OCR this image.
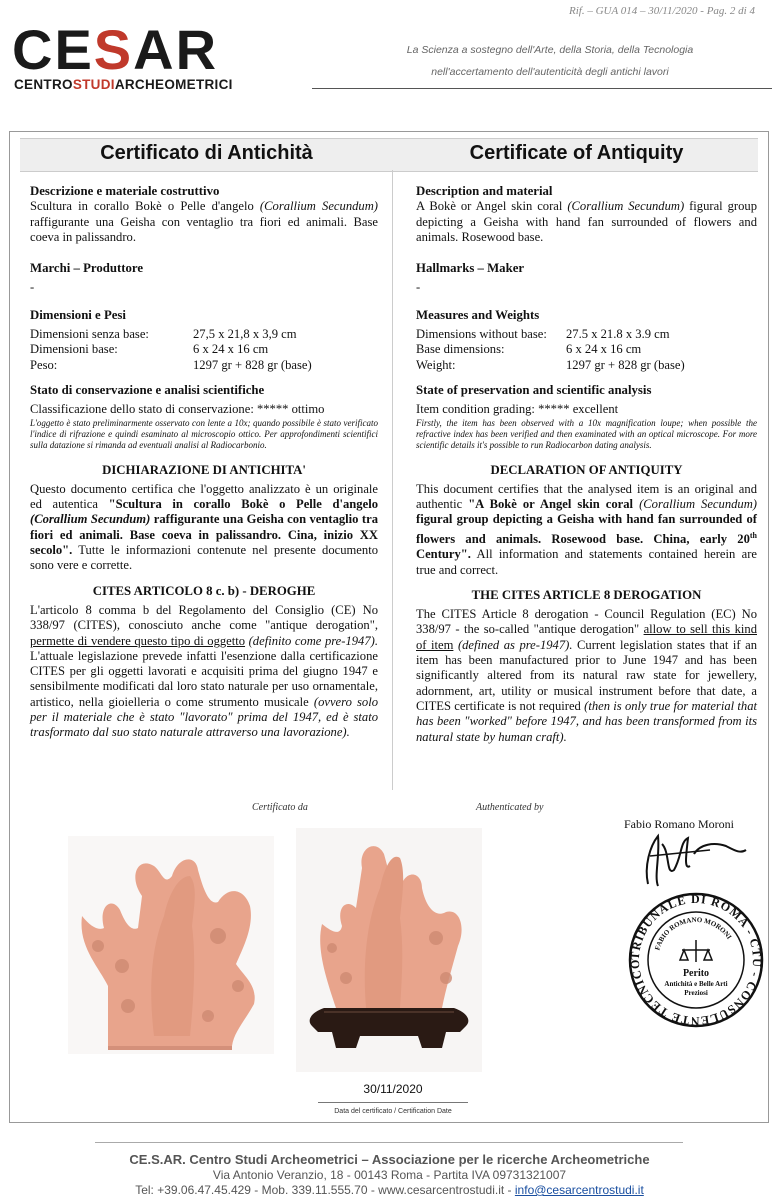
Rif. – GUA 014 – 30/11/2020 - Pag. 2 di 4
CESAR
CENTROSTUDIARCHEOMETRICI
La Scienza a sostegno dell'Arte, della Storia, della Tecnologia
nell'accertamento dell'autenticità degli antichi lavori
Certificato di Antichità	Certificate of Antiquity

Descrizione e materiale costruttivo

Scultura in corallo Bokè o Pelle d'angelo (Corallium Secundum) raffigurante una Geisha con ventaglio tra fiori ed animali. Base coeva in palissandro.

Marchi – Produttore

-

Dimensioni e Pesi

Dimensioni senza base:	27,5 x 21,8 x 3,9 cm
Dimensioni base:	6 x 24 x 16 cm
Peso:	1297 gr + 828 gr (base)

Stato di conservazione e analisi scientifiche

Classificazione dello stato di conservazione: ***** ottimo

L'oggetto è stato preliminarmente osservato con lente a 10x; quando possibile è stato verificato l'indice di rifrazione e quindi esaminato al microscopio ottico. Per approfondimenti scientifici sulla datazione si rimanda ad eventuali analisi al Radiocarbonio.

DICHIARAZIONE DI ANTICHITA'

Questo documento certifica che l'oggetto analizzato è un originale ed autentica "Scultura in corallo Bokè o Pelle d'angelo (Corallium Secundum) raffigurante una Geisha con ventaglio tra fiori ed animali. Base coeva in palissandro. Cina, inizio XX secolo". Tutte le informazioni contenute nel presente documento sono vere e corrette.

CITES ARTICOLO 8 c. b) - DEROGHE

L'articolo 8 comma b del Regolamento del Consiglio (CE) No 338/97 (CITES), conosciuto anche come "antique derogation", permette di vendere questo tipo di oggetto (definito come pre-1947). L'attuale legislazione prevede infatti l'esenzione dalla certificazione CITES per gli oggetti lavorati e acquisiti prima del giugno 1947 e sensibilmente modificati dal loro stato naturale per uso ornamentale, artistico, nella gioielleria o come strumento musicale (ovvero solo per il materiale che è stato "lavorato" prima del 1947, ed è stato trasformato dal suo stato naturale attraverso una lavorazione).

Description and material

A Bokè or Angel skin coral (Corallium Secundum) figural group depicting a Geisha with hand fan surrounded of flowers and animals. Rosewood base.

Hallmarks – Maker

-

Measures and Weights

Dimensions without base:	27.5 x 21.8 x 3.9 cm
Base dimensions:	6 x 24 x 16 cm
Weight:	1297 gr + 828 gr (base)

State of preservation and scientific analysis

Item condition grading: ***** excellent

Firstly, the item has been observed with a 10x magnification loupe; when possible the refractive index has been verified and then examinated with an optical microscope. For more scientific details it's possible to run Radiocarbon dating analysis.

DECLARATION OF ANTIQUITY

This document certifies that the analysed item is an original and authentic "A Bokè or Angel skin coral (Corallium Secundum) figural group depicting a Geisha with hand fan surrounded of flowers and animals. Rosewood base. China, early 20th Century". All information and statements contained herein are true and correct.

THE CITES ARTICLE 8 DEROGATION

The CITES Article 8 derogation - Council Regulation (EC) No 338/97 - the so-called "antique derogation" allow to sell this kind of item (defined as pre-1947). Current legislation states that if an item has been manufactured prior to June 1947 and has been significantly altered from its natural raw state for jewellery, adornment, art, utility or musical instrument before that date, a CITES certificate is not required (then is only true for material that has been "worked" before 1947, and has been transformed from its natural state by human craft).

Certificato da	Authenticated by
Fabio Romano Moroni
TRIBUNALE DI ROMA - CTU - CONSULENTE TECNICO
FABIO ROMANO MORONI
Perito
Antichità e Belle Arti
Preziosi
30/11/2020
Data del certificato / Certification Date
CE.S.AR. Centro Studi Archeometrici – Associazione per le ricerche Archeometriche
Via Antonio Veranzio, 18 - 00143 Roma - Partita IVA 09731321007
Tel: +39.06.47.45.429 - Mob. 339.11.555.70 - www.cesarcentrostudi.it - info@cesarcentrostudi.it
